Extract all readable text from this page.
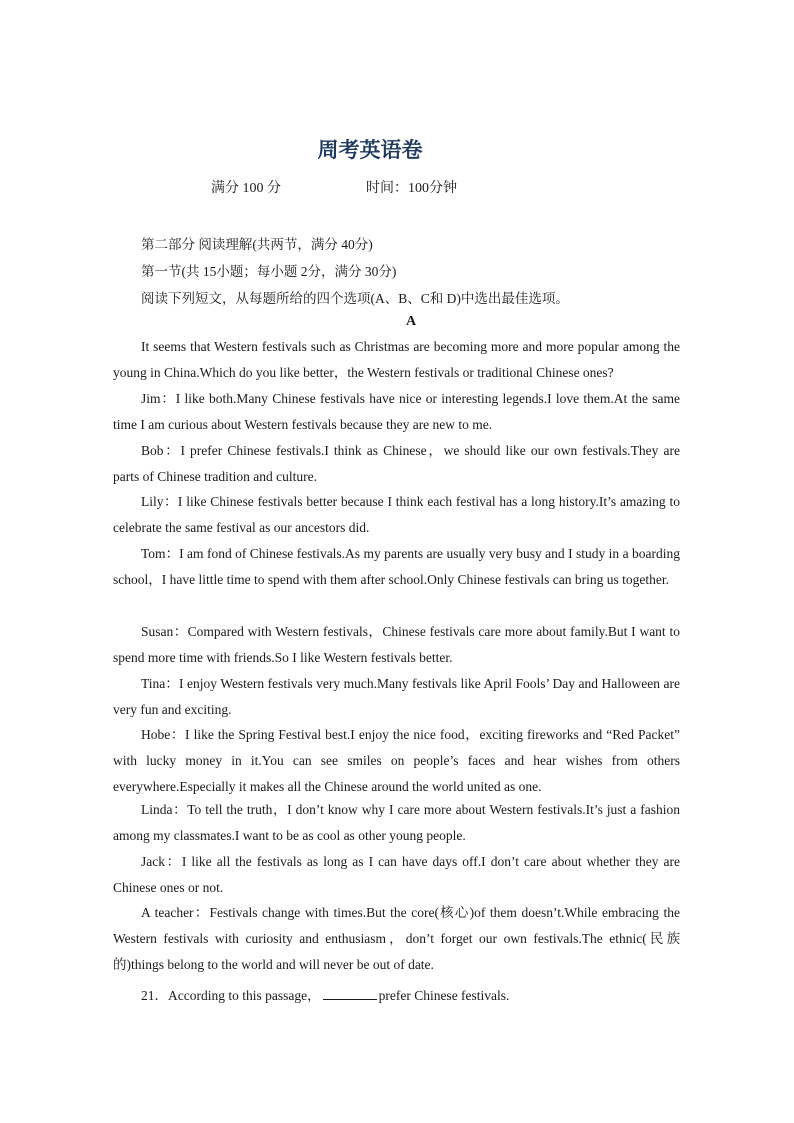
周考英语卷
满分 100 分	时间：100分钟
第二部分 阅读理解(共两节，满分 40分)
第一节(共 15小题；每小题 2分，满分 30分)
阅读下列短文，从每题所给的四个选项(A、B、C和 D)中选出最佳选项。
A
It seems that Western festivals such as Christmas are becoming more and more popular among the young in China.Which do you like better，the Western festivals or traditional Chinese ones?
Jim：I like both.Many Chinese festivals have nice or interesting legends.I love them.At the same time I am curious about Western festivals because they are new to me.
Bob：I prefer Chinese festivals.I think as Chinese，we should like our own festivals.They are parts of Chinese tradition and culture.
Lily：I like Chinese festivals better because I think each festival has a long history.It’s amazing to celebrate the same festival as our ancestors did.
Tom：I am fond of Chinese festivals.As my parents are usually very busy and I study in a boarding school，I have little time to spend with them after school.Only Chinese festivals can bring us together.
Susan：Compared with Western festivals，Chinese festivals care more about family.But I want to spend more time with friends.So I like Western festivals better.
Tina：I enjoy Western festivals very much.Many festivals like April Fools’ Day and Halloween are very fun and exciting.
Hobe：I like the Spring Festival best.I enjoy the nice food，exciting fireworks and “Red Packet” with lucky money in it.You can see smiles on people’s faces and hear wishes from others everywhere.Especially it makes all the Chinese around the world united as one.
Linda：To tell the truth，I don’t know why I care more about Western festivals.It’s just a fashion among my classmates.I want to be as cool as other young people.
Jack：I like all the festivals as long as I can have days off.I don’t care about whether they are Chinese ones or not.
A teacher：Festivals change with times.But the core(核心)of them doesn’t.While embracing the Western festivals with curiosity and enthusiasm，don’t forget our own festivals.The ethnic(民族的)things belong to the world and will never be out of date.
21．According to this passage，	prefer Chinese festivals.
